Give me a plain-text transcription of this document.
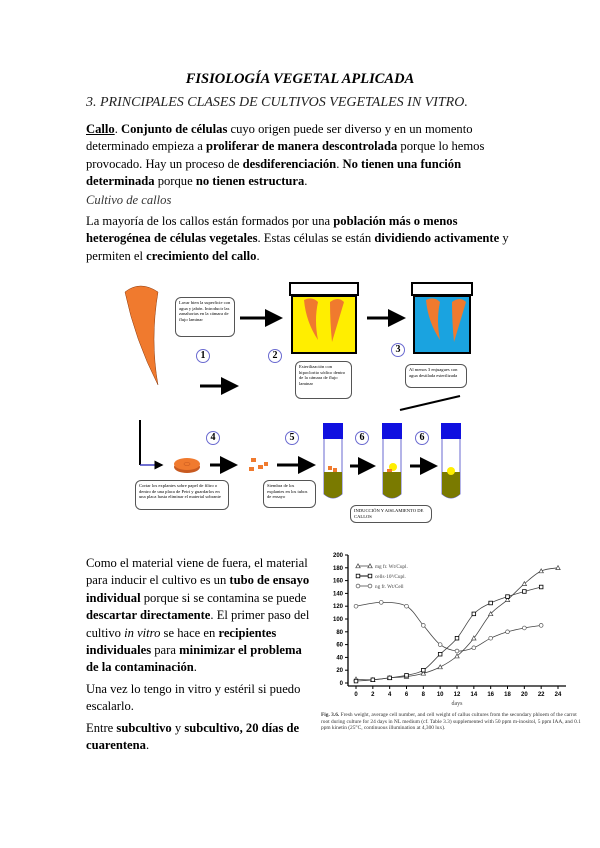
FISIOLOGÍA VEGETAL APLICADA
3. PRINCIPALES CLASES DE CULTIVOS VEGETALES IN VITRO.
Callo. Conjunto de células cuyo origen puede ser diverso y en un momento determinado empieza a proliferar de manera descontrolada porque lo hemos provocado. Hay un proceso de desdiferenciación. No tienen una función determinada porque no tienen estructura.
Cultivo de callos
La mayoría de los callos están formados por una población más o menos heterogénea de células vegetales. Estas células se están dividiendo activamente y permiten el crecimiento del callo.
Lavar bien la superficie con agua y jabón. Introducir las zanahorias en la cámara de flujo laminar
Esterilización con hipoclorito sódico dentro de la cámara de flujo laminar
Al menos 3 enjuagues con agua destilada esterilizada
Cortar los explantes sobre papel de filtro o dentro de una placa de Petri y guardarlos en una placa hasta eliminar el material sobrante
Siembra de los explantes en los tubos de ensayo
INDUCCIÓN Y AISLAMIENTO DE CALLOS
1	2
3
4	5	6	6
Como el material viene de fuera, el material para inducir el cultivo es un tubo de ensayo individual porque si se contamina se puede descartar directamente. El primer paso del cultivo in vitro se hace en recipientes individuales para minimizar el problema de la contaminación.
Una vez lo tengo in vitro y estéril si puedo escalarlo.
Entre subcultivo y subcultivo, 20 días de cuarentena.
0
20
40
60
80
100
120
140
160
180
200
0 2 4 6 8 10 12 14 16 18 20 22 24
days
mg fr. Wt/Cupl.
cells·10³/Cupl.
ng fr. Wt/Cell
Fig. 3.6. Fresh weight, average cell number, and cell weight of callus cultures from the secondary phloem of the carrot root during culture for 24 days in NL medium (cf. Table 3.3) supplemented with 50 ppm m-inositol, 5 ppm IAA, and 0.1 ppm kinetin (25°C, continuous illumination at 4,300 lux).
